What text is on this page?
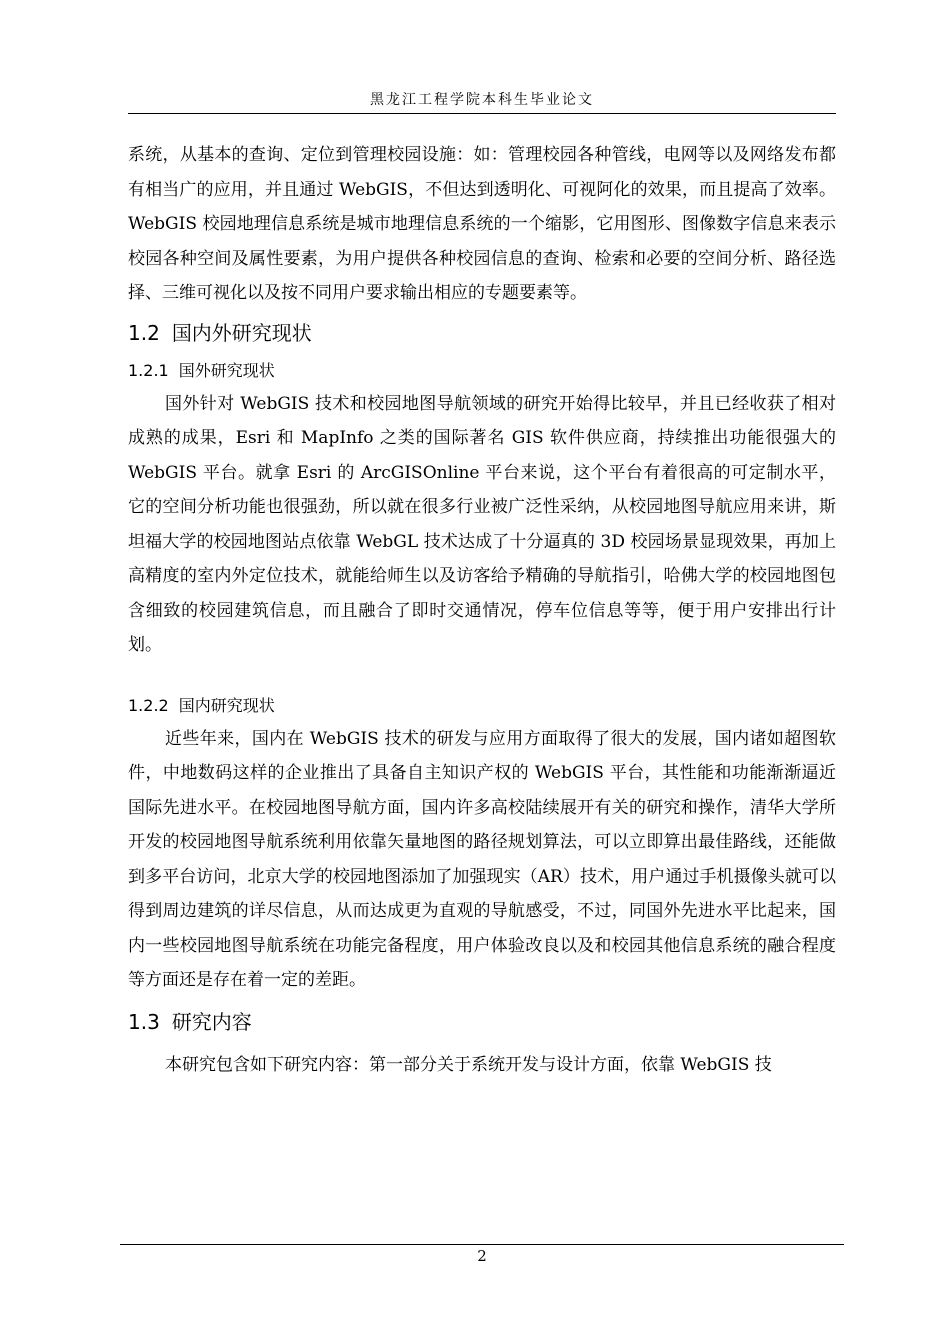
黑龙江工程学院本科生毕业论文

系统，从基本的查询、定位到管理校园设施：如：管理校园各种管线，电网等以及网络发布都有相当广的应用，并且通过 WebGIS，不但达到透明化、可视阿化的效果，而且提高了效率。WebGIS 校园地理信息系统是城市地理信息系统的一个缩影，它用图形、图像数字信息来表示校园各种空间及属性要素，为用户提供各种校园信息的查询、检索和必要的空间分析、路径选择、三维可视化以及按不同用户要求输出相应的专题要素等。

1.2 国内外研究现状
1.2.1 国外研究现状

国外针对 WebGIS 技术和校园地图导航领域的研究开始得比较早，并且已经收获了相对成熟的成果，Esri 和 MapInfo 之类的国际著名 GIS 软件供应商，持续推出功能很强大的 WebGIS 平台。就拿 Esri 的 ArcGISOnline 平台来说，这个平台有着很高的可定制水平，它的空间分析功能也很强劲，所以就在很多行业被广泛性采纳，从校园地图导航应用来讲，斯坦福大学的校园地图站点依靠 WebGL 技术达成了十分逼真的 3D 校园场景显现效果，再加上高精度的室内外定位技术，就能给师生以及访客给予精确的导航指引，哈佛大学的校园地图包含细致的校园建筑信息，而且融合了即时交通情况，停车位信息等等，便于用户安排出行计划。

1.2.2 国内研究现状

近些年来，国内在 WebGIS 技术的研发与应用方面取得了很大的发展，国内诸如超图软件，中地数码这样的企业推出了具备自主知识产权的 WebGIS 平台，其性能和功能渐渐逼近国际先进水平。在校园地图导航方面，国内许多高校陆续展开有关的研究和操作，清华大学所开发的校园地图导航系统利用依靠矢量地图的路径规划算法，可以立即算出最佳路线，还能做到多平台访问，北京大学的校园地图添加了加强现实（AR）技术，用户通过手机摄像头就可以得到周边建筑的详尽信息，从而达成更为直观的导航感受，不过，同国外先进水平比起来，国内一些校园地图导航系统在功能完备程度，用户体验改良以及和校园其他信息系统的融合程度等方面还是存在着一定的差距。

1.3 研究内容

本研究包含如下研究内容：第一部分关于系统开发与设计方面，依靠 WebGIS 技

2
